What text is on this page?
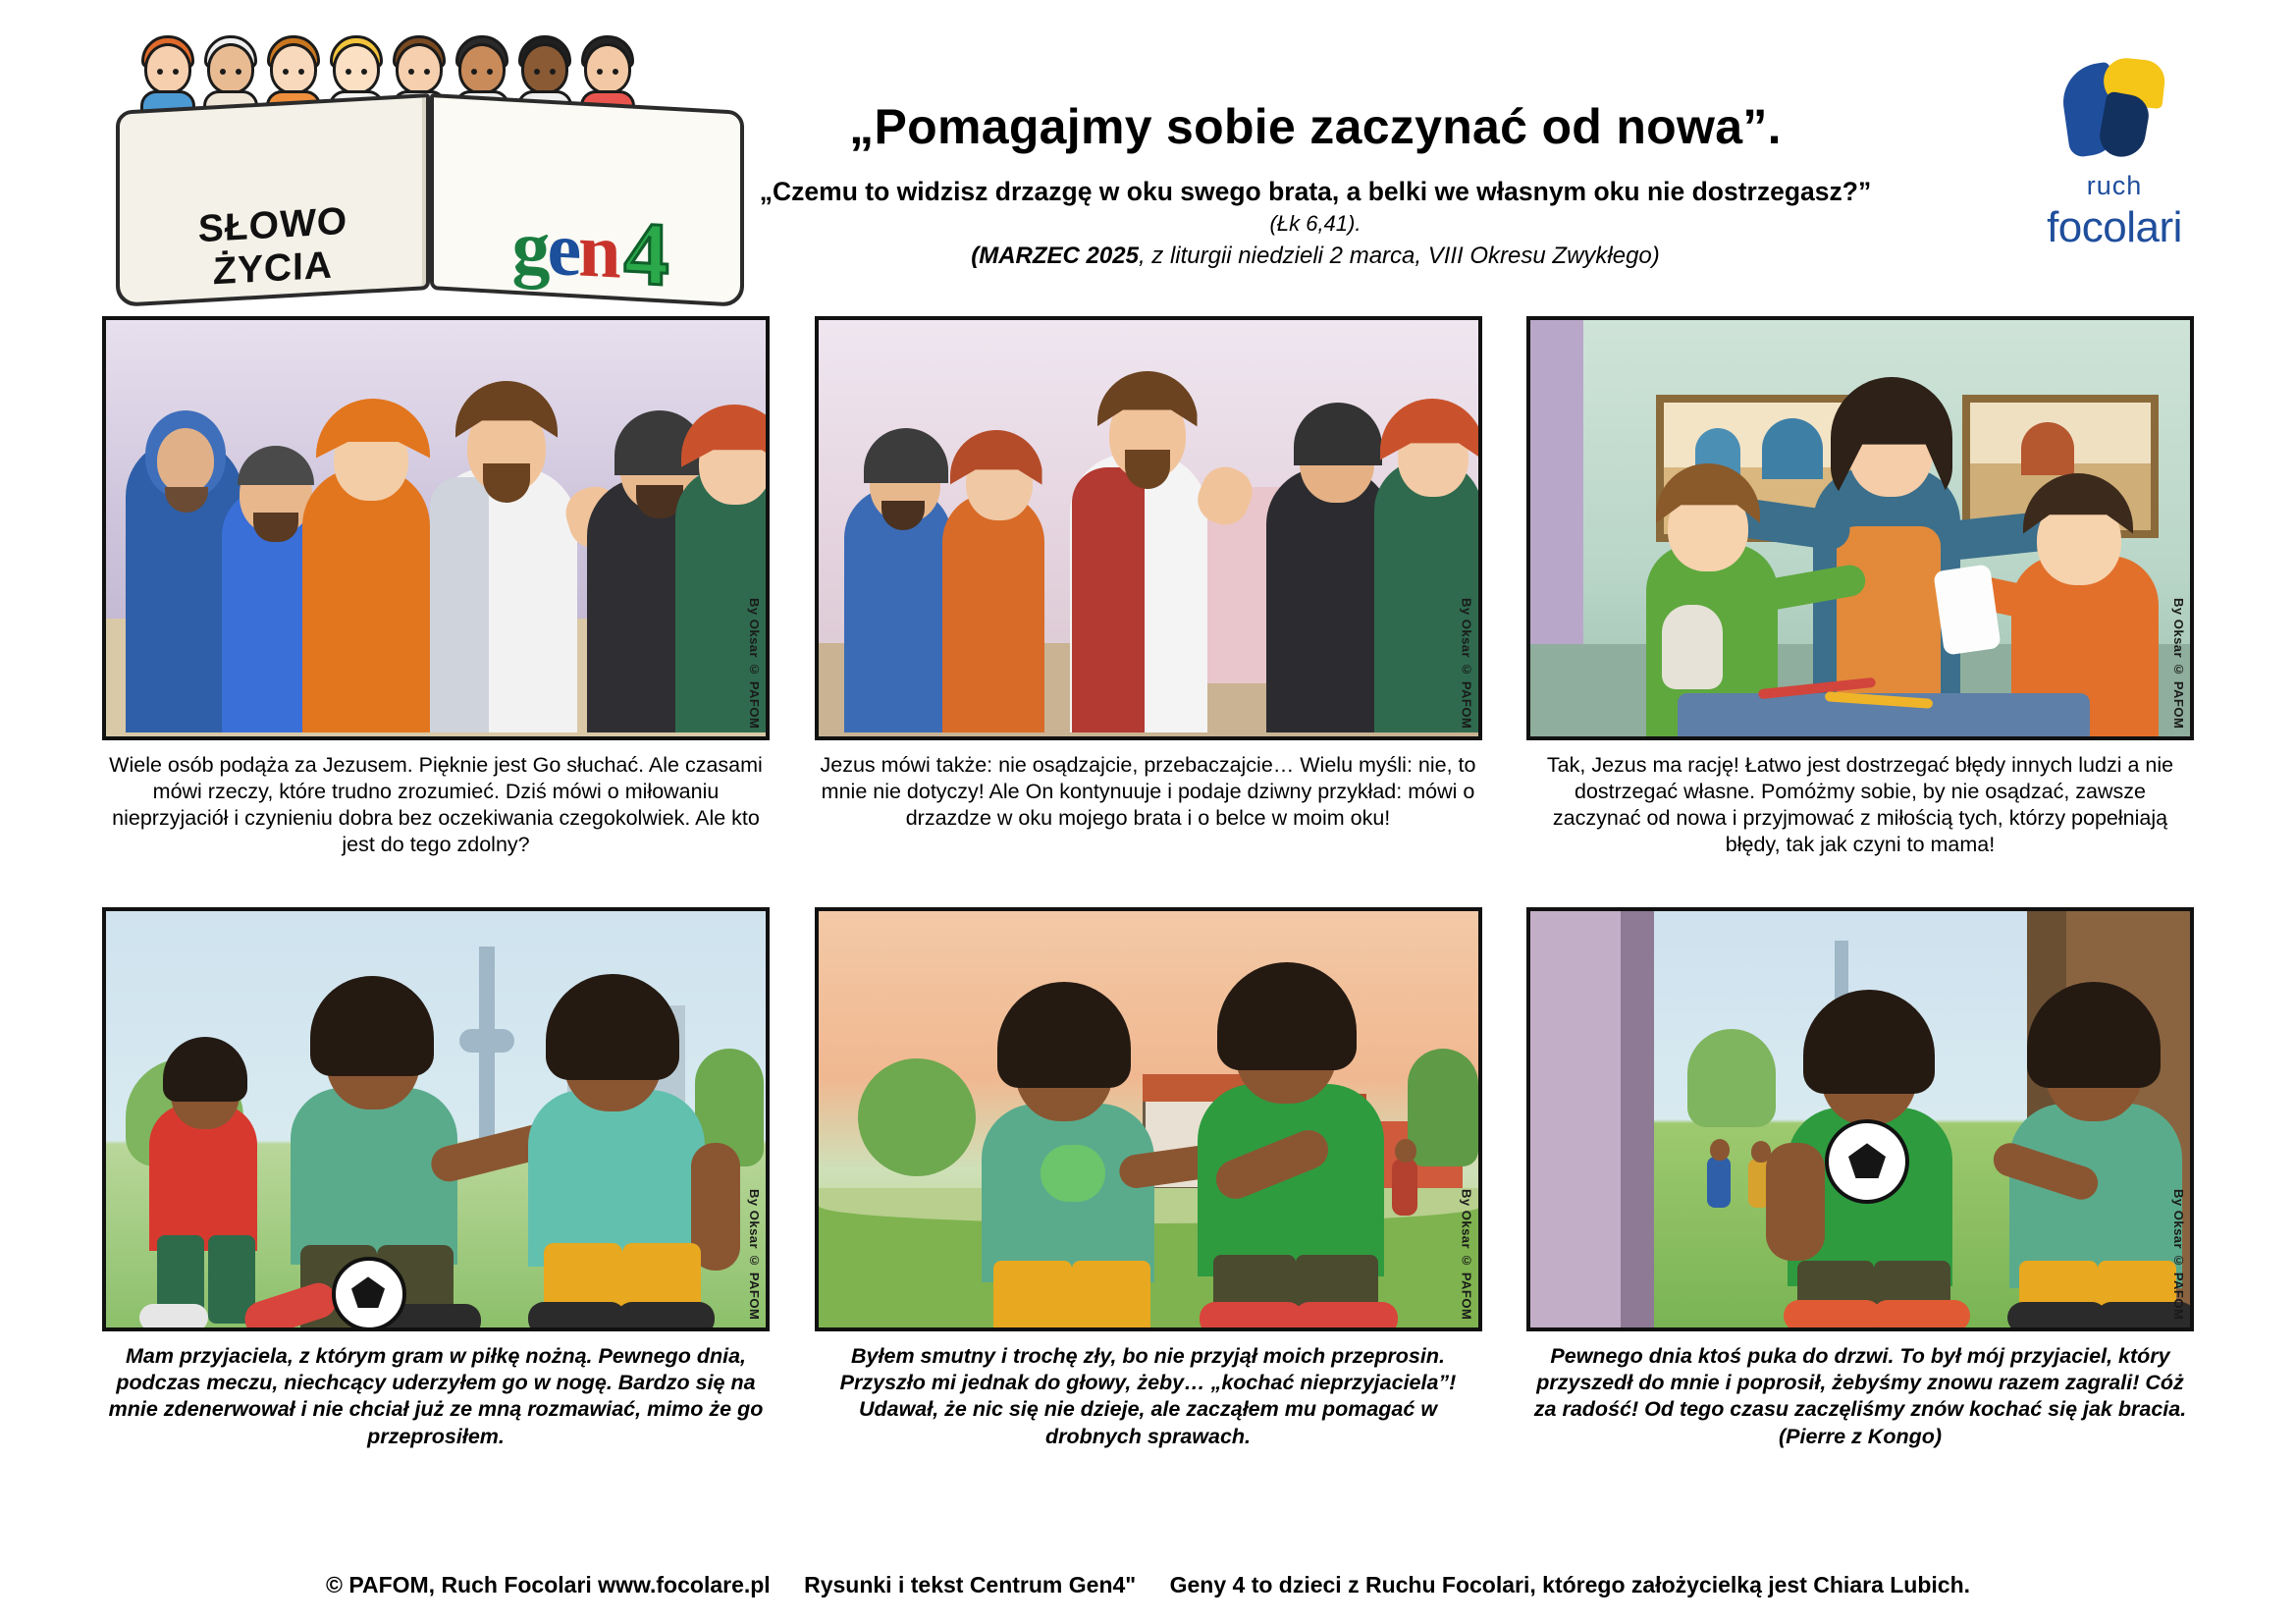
SŁOWO
ŻYCIA	g e n 4
„Pomagajmy sobie zaczynać od nowa”.

„Czemu to widzisz drzazgę w oku swego brata, a belki we własnym oku nie dostrzegasz?”

(Łk 6,41).

(MARZEC 2025, z liturgii niedzieli 2 marca, VIII Okresu Zwykłego)

ruch
focolari
By Oksar © PAFOM
Wiele osób podąża za Jezusem. Pięknie jest Go słuchać. Ale czasami mówi rzeczy, które trudno zrozumieć. Dziś mówi o miłowaniu nieprzyjaciół i czynieniu dobra bez oczekiwania czegokolwiek. Ale kto jest do tego zdolny?
By Oksar © PAFOM
Jezus mówi także: nie osądzajcie, przebaczajcie… Wielu myśli: nie, to mnie nie dotyczy! Ale On kontynuuje i podaje dziwny przykład: mówi o drzazdze w oku mojego brata i o belce w moim oku!
By Oksar © PAFOM
Tak, Jezus ma rację! Łatwo jest dostrzegać błędy innych ludzi a nie dostrzegać własne. Pomóżmy sobie, by nie osądzać, zawsze zaczynać od nowa i przyjmować z miłością tych, którzy popełniają błędy, tak jak czyni to mama!
By Oksar © PAFOM
Mam przyjaciela, z którym gram w piłkę nożną. Pewnego dnia, podczas meczu, niechcący uderzyłem go w nogę. Bardzo się na mnie zdenerwował i nie chciał już ze mną rozmawiać, mimo że go przeprosiłem.
By Oksar © PAFOM
Byłem smutny i trochę zły, bo nie przyjął moich przeprosin. Przyszło mi jednak do głowy, żeby… „kochać nieprzyjaciela”! Udawał, że nic się nie dzieje, ale zacząłem mu pomagać w drobnych sprawach.
By Oksar © PAFOM
Pewnego dnia ktoś puka do drzwi. To był mój przyjaciel, który przyszedł do mnie i poprosił, żebyśmy znowu razem zagrali! Cóż za radość! Od tego czasu zaczęliśmy znów kochać się jak bracia. (Pierre z Kongo)
© PAFOM, Ruch Focolari www.focolare.pl Rysunki i tekst Centrum Gen4" Geny 4 to dzieci z Ruchu Focolari, którego założycielką jest Chiara Lubich.
